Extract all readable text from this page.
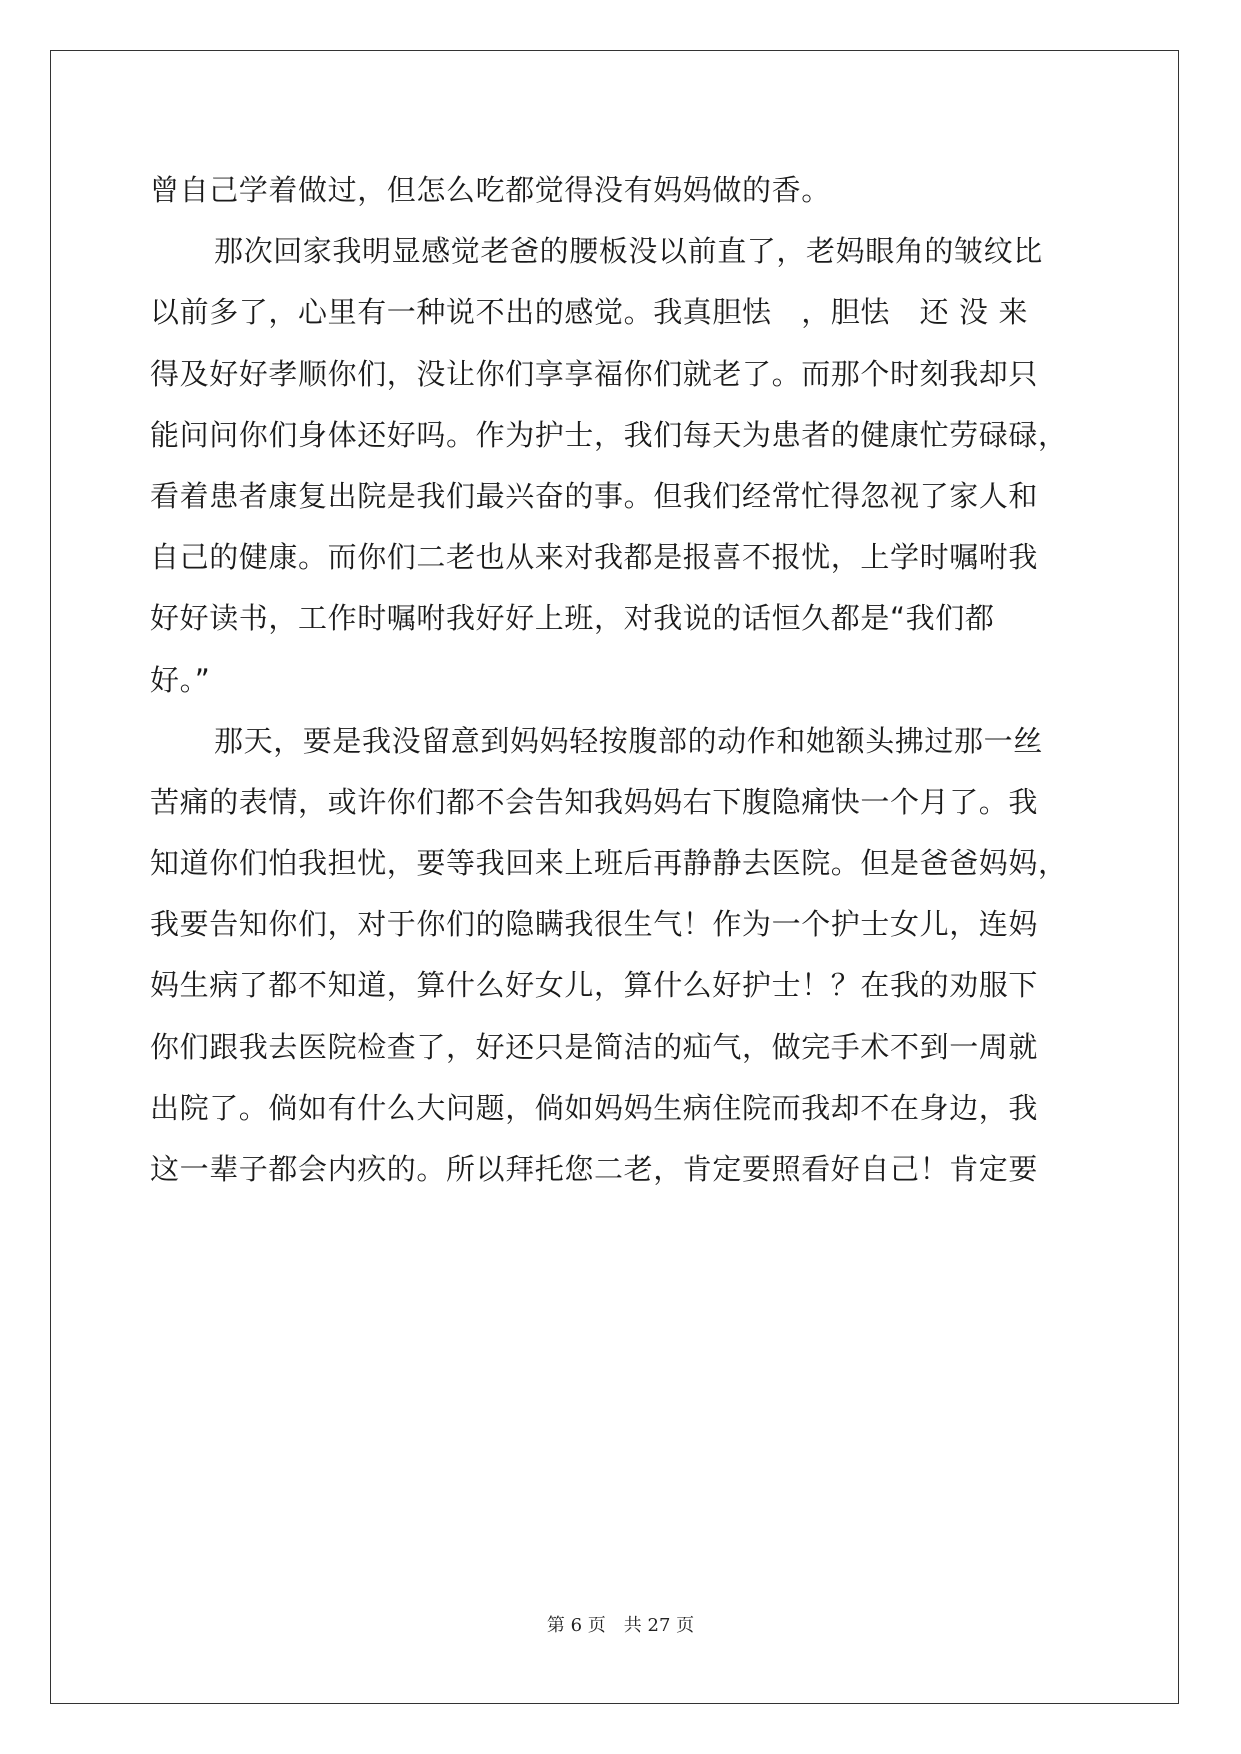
曾自己学着做过，但怎么吃都觉得没有妈妈做的香。
那次回家我明显感觉老爸的腰板没以前直了，老妈眼角的皱纹比
以前多了，心里有一种说不出的感觉。我真胆怯　，胆怯　还 没 来
得及好好孝顺你们，没让你们享享福你们就老了。而那个时刻我却只
能问问你们身体还好吗。作为护士，我们每天为患者的健康忙劳碌碌，
看着患者康复出院是我们最兴奋的事。但我们经常忙得忽视了家人和
自己的健康。而你们二老也从来对我都是报喜不报忧，上学时嘱咐我
好好读书，工作时嘱咐我好好上班，对我说的话恒久都是“我们都
好。”
那天，要是我没留意到妈妈轻按腹部的动作和她额头拂过那一丝
苦痛的表情，或许你们都不会告知我妈妈右下腹隐痛快一个月了。我
知道你们怕我担忧，要等我回来上班后再静静去医院。但是爸爸妈妈，
我要告知你们，对于你们的隐瞒我很生气！作为一个护士女儿，连妈
妈生病了都不知道，算什么好女儿，算什么好护士！？在我的劝服下
你们跟我去医院检查了，好还只是简洁的疝气，做完手术不到一周就
出院了。倘如有什么大问题，倘如妈妈生病住院而我却不在身边，我
这一辈子都会内疚的。所以拜托您二老，肯定要照看好自己！肯定要
第 6 页　共 27 页
